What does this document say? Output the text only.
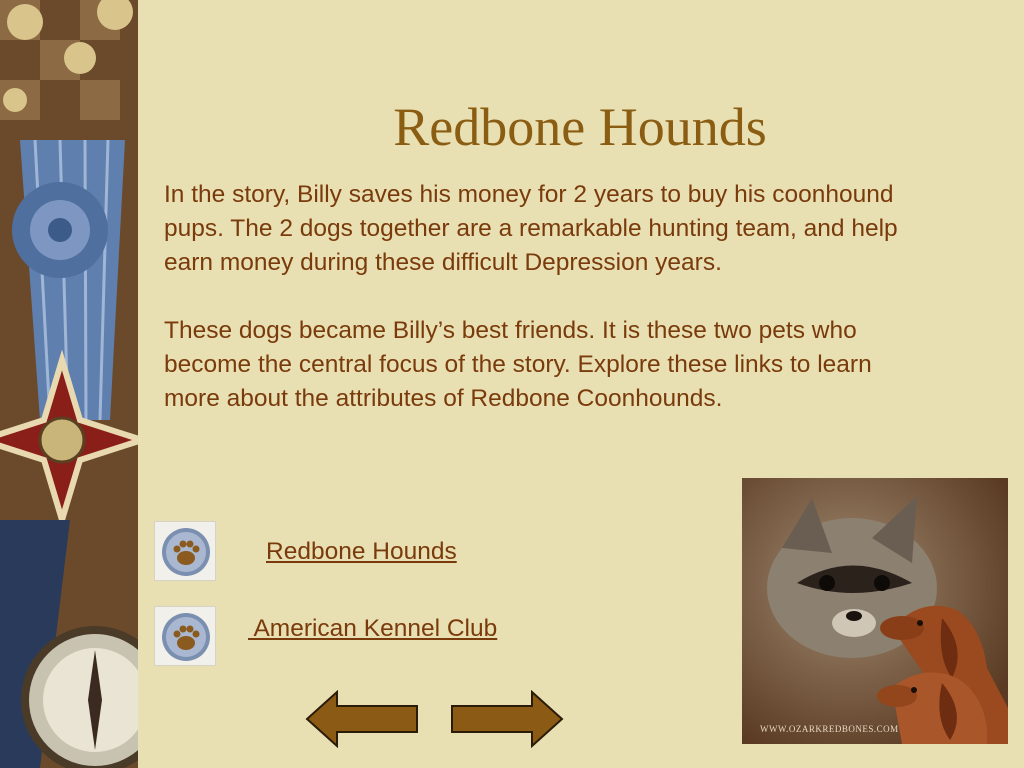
Redbone Hounds

In the story, Billy saves his money for 2 years to buy his coonhound pups. The 2 dogs together are a remarkable hunting team, and help earn money during these difficult Depression years.

These dogs became Billy’s best friends. It is these two pets who become the central focus of the story. Explore these links to learn more about the attributes of Redbone Coonhounds.

Redbone Hounds
American Kennel Club
WWW.OZARKREDBONES.COM
